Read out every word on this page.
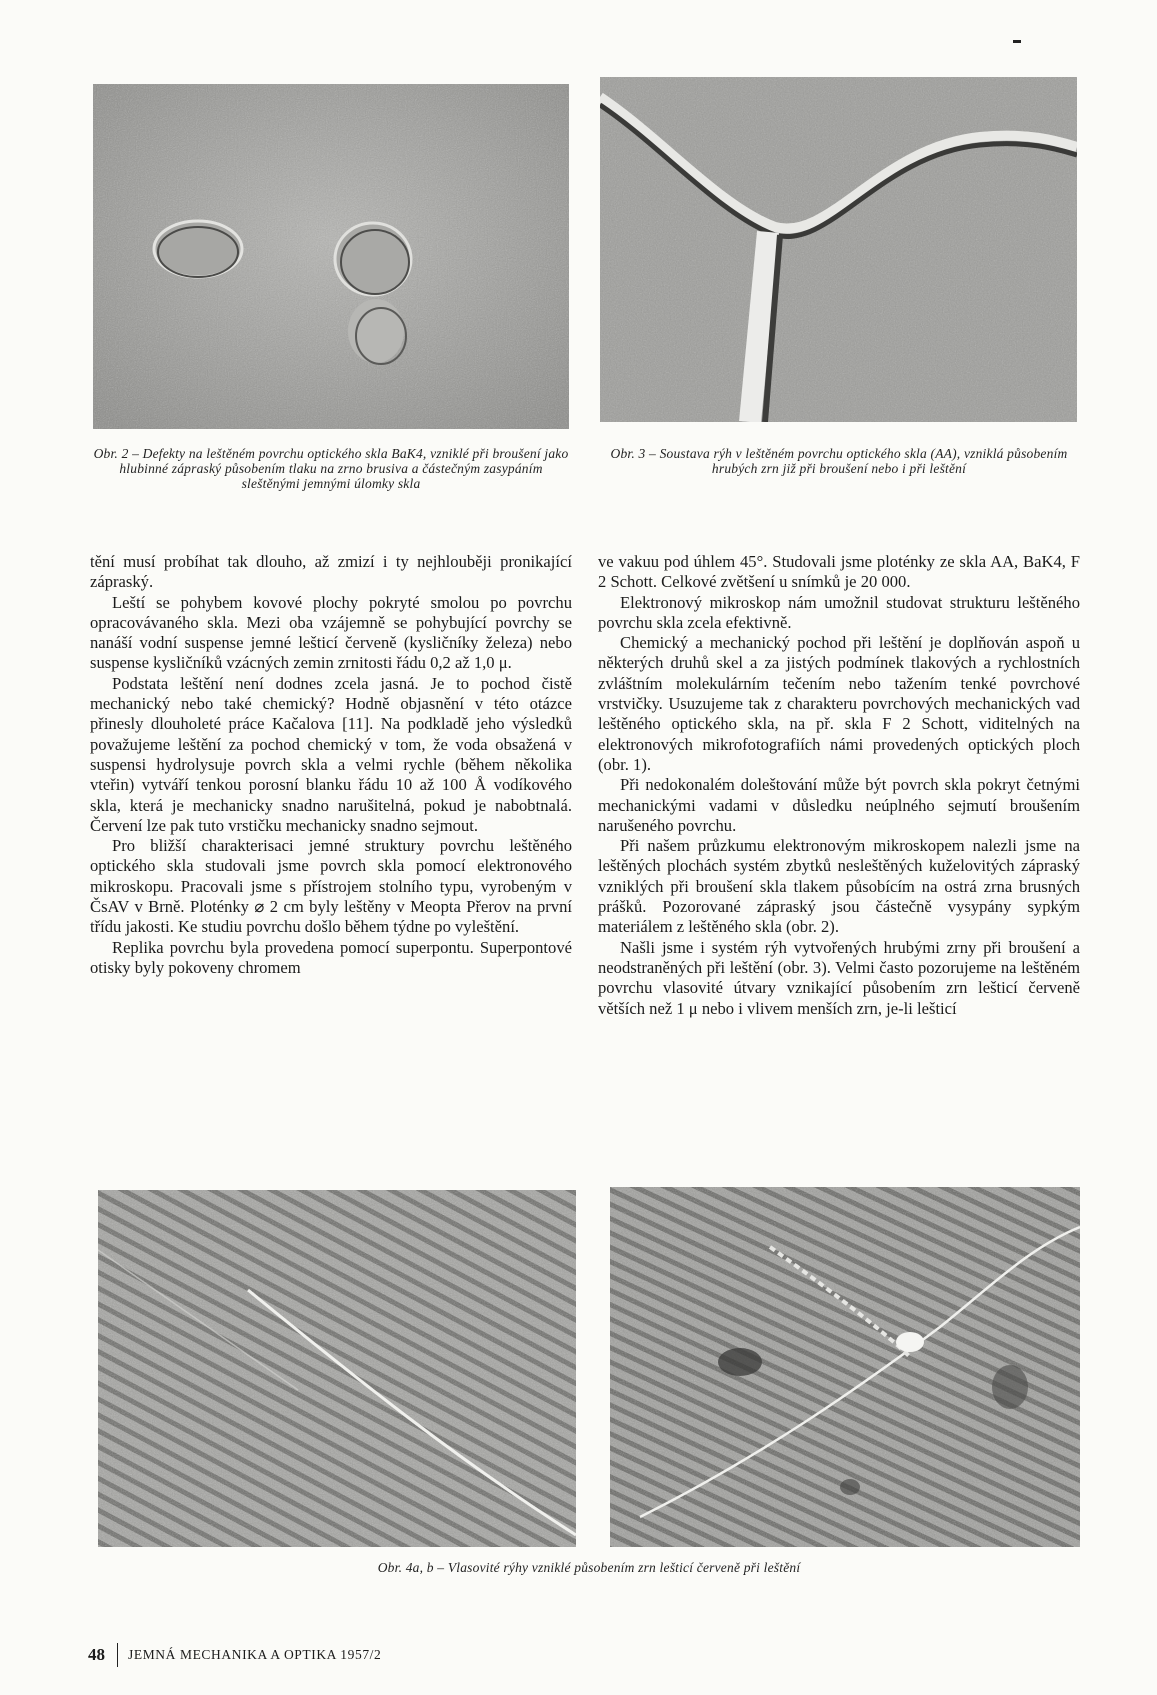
Obr. 2 – Defekty na leštěném povrchu optického skla BaK4, vzniklé při broušení jako hlubinné zápraský působením tlaku na zrno brusiva a částečným zasypáním sleštěnými jemnými úlomky skla
Obr. 3 – Soustava rýh v leštěném povrchu optického skla (AA), vzniklá působením hrubých zrn již při broušení nebo i při leštění

tění musí probíhat tak dlouho, až zmizí i ty nejhlouběji pronikající zápraský.

Leští se pohybem kovové plochy pokryté smolou po povrchu opracovávaného skla. Mezi oba vzájemně se pohybující povrchy se nanáší vodní suspense jemné lešticí červeně (kysličníky železa) nebo suspense kysličníků vzácných zemin zrnitosti řádu 0,2 až 1,0 μ.

Podstata leštění není dodnes zcela jasná. Je to pochod čistě mechanický nebo také chemický? Hodně objasnění v této otázce přinesly dlouholeté práce Kačalova [11]. Na podkladě jeho výsledků považujeme leštění za pochod chemický v tom, že voda obsažená v suspensi hydrolysuje povrch skla a velmi rychle (během několika vteřin) vytváří tenkou porosní blanku řádu 10 až 100 Å vodíkového skla, která je mechanicky snadno narušitelná, pokud je nabobtnalá. Červení lze pak tuto vrstičku mechanicky snadno sejmout.

Pro bližší charakterisaci jemné struktury povrchu leštěného optického skla studovali jsme povrch skla pomocí elektronového mikroskopu. Pracovali jsme s přístrojem stolního typu, vyrobeným v ČsAV v Brně. Ploténky ⌀ 2 cm byly leštěny v Meopta Přerov na první třídu jakosti. Ke studiu povrchu došlo během týdne po vyleštění.

Replika povrchu byla provedena pomocí superpontu. Superpontové otisky byly pokoveny chromem

ve vakuu pod úhlem 45°. Studovali jsme ploténky ze skla AA, BaK4, F 2 Schott. Celkové zvětšení u snímků je 20 000.

Elektronový mikroskop nám umožnil studovat strukturu leštěného povrchu skla zcela efektivně.

Chemický a mechanický pochod při leštění je doplňován aspoň u některých druhů skel a za jistých podmínek tlakových a rychlostních zvláštním molekulárním tečením nebo tažením tenké povrchové vrstvičky. Usuzujeme tak z charakteru povrchových mechanických vad leštěného optického skla, na př. skla F 2 Schott, viditelných na elektronových mikrofotografiích námi provedených optických ploch (obr. 1).

Při nedokonalém doleštování může být povrch skla pokryt četnými mechanickými vadami v důsledku neúplného sejmutí broušením narušeného povrchu.

Při našem průzkumu elektronovým mikroskopem nalezli jsme na leštěných plochách systém zbytků nesleštěných kuželovitých zápraský vzniklých při broušení skla tlakem působícím na ostrá zrna brusných prášků. Pozorované zápraský jsou částečně vysypány sypkým materiálem z leštěného skla (obr. 2).

Našli jsme i systém rýh vytvořených hrubými zrny při broušení a neodstraněných při leštění (obr. 3). Velmi často pozorujeme na leštěném povrchu vlasovité útvary vznikající působením zrn lešticí červeně větších než 1 μ nebo i vlivem menších zrn, je-li lešticí

Obr. 4a, b – Vlasovité rýhy vzniklé působením zrn lešticí červeně při leštění
48 JEMNÁ MECHANIKA A OPTIKA 1957/2
